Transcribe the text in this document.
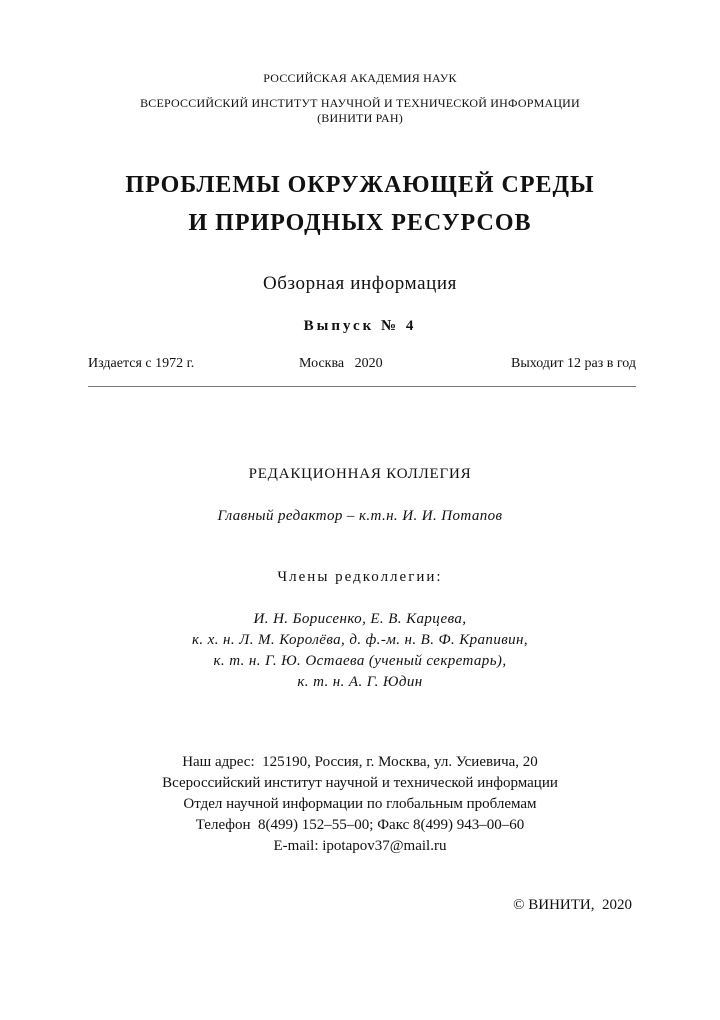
РОССИЙСКАЯ АКАДЕМИЯ НАУК
ВСЕРОССИЙСКИЙ ИНСТИТУТ НАУЧНОЙ И ТЕХНИЧЕСКОЙ ИНФОРМАЦИИ
(ВИНИТИ РАН)
ПРОБЛЕМЫ ОКРУЖАЮЩЕЙ СРЕДЫ
И ПРИРОДНЫХ РЕСУРСОВ
Обзорная информация
Выпуск № 4
Издается с 1972 г.	Москва   2020	Выходит 12 раз в год
РЕДАКЦИОННАЯ КОЛЛЕГИЯ
Главный редактор – к.т.н. И. И. Потапов
Члены редколлегии:
И. Н. Борисенко, Е. В. Карцева,
к. х. н. Л. М. Королёва, д. ф.-м. н. В. Ф. Крапивин,
к. т. н. Г. Ю. Остаева (ученый секретарь),
к. т. н. А. Г. Юдин
Наш адрес:  125190, Россия, г. Москва, ул. Усиевича, 20
Всероссийский институт научной и технической информации
Отдел научной информации по глобальным проблемам
Телефон  8(499) 152–55–00; Факс 8(499) 943–00–60
E-mail: ipotapov37@mail.ru
© ВИНИТИ,  2020
